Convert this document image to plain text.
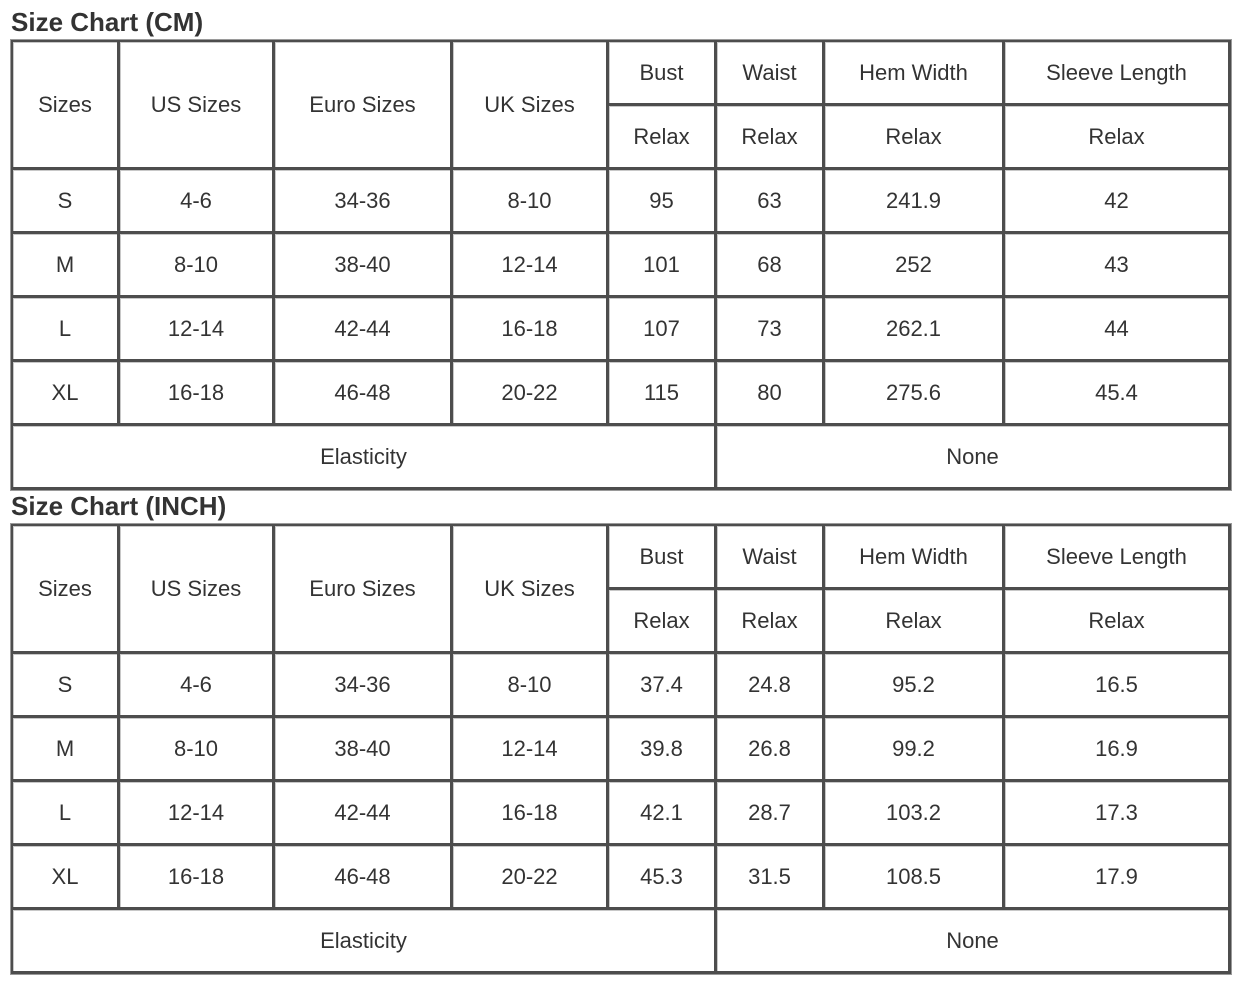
Size Chart (CM)
Sizes	US Sizes	Euro Sizes	UK Sizes	Bust	Waist	Hem Width	Sleeve Length
				Relax	Relax	Relax	Relax
S	4-6	34-36	8-10	95	63	241.9	42
M	8-10	38-40	12-14	101	68	252	43
L	12-14	42-44	16-18	107	73	262.1	44
XL	16-18	46-48	20-22	115	80	275.6	45.4
Elasticity					None		
Size Chart (INCH)
Sizes	US Sizes	Euro Sizes	UK Sizes	Bust	Waist	Hem Width	Sleeve Length
				Relax	Relax	Relax	Relax
S	4-6	34-36	8-10	37.4	24.8	95.2	16.5
M	8-10	38-40	12-14	39.8	26.8	99.2	16.9
L	12-14	42-44	16-18	42.1	28.7	103.2	17.3
XL	16-18	46-48	20-22	45.3	31.5	108.5	17.9
Elasticity					None		
